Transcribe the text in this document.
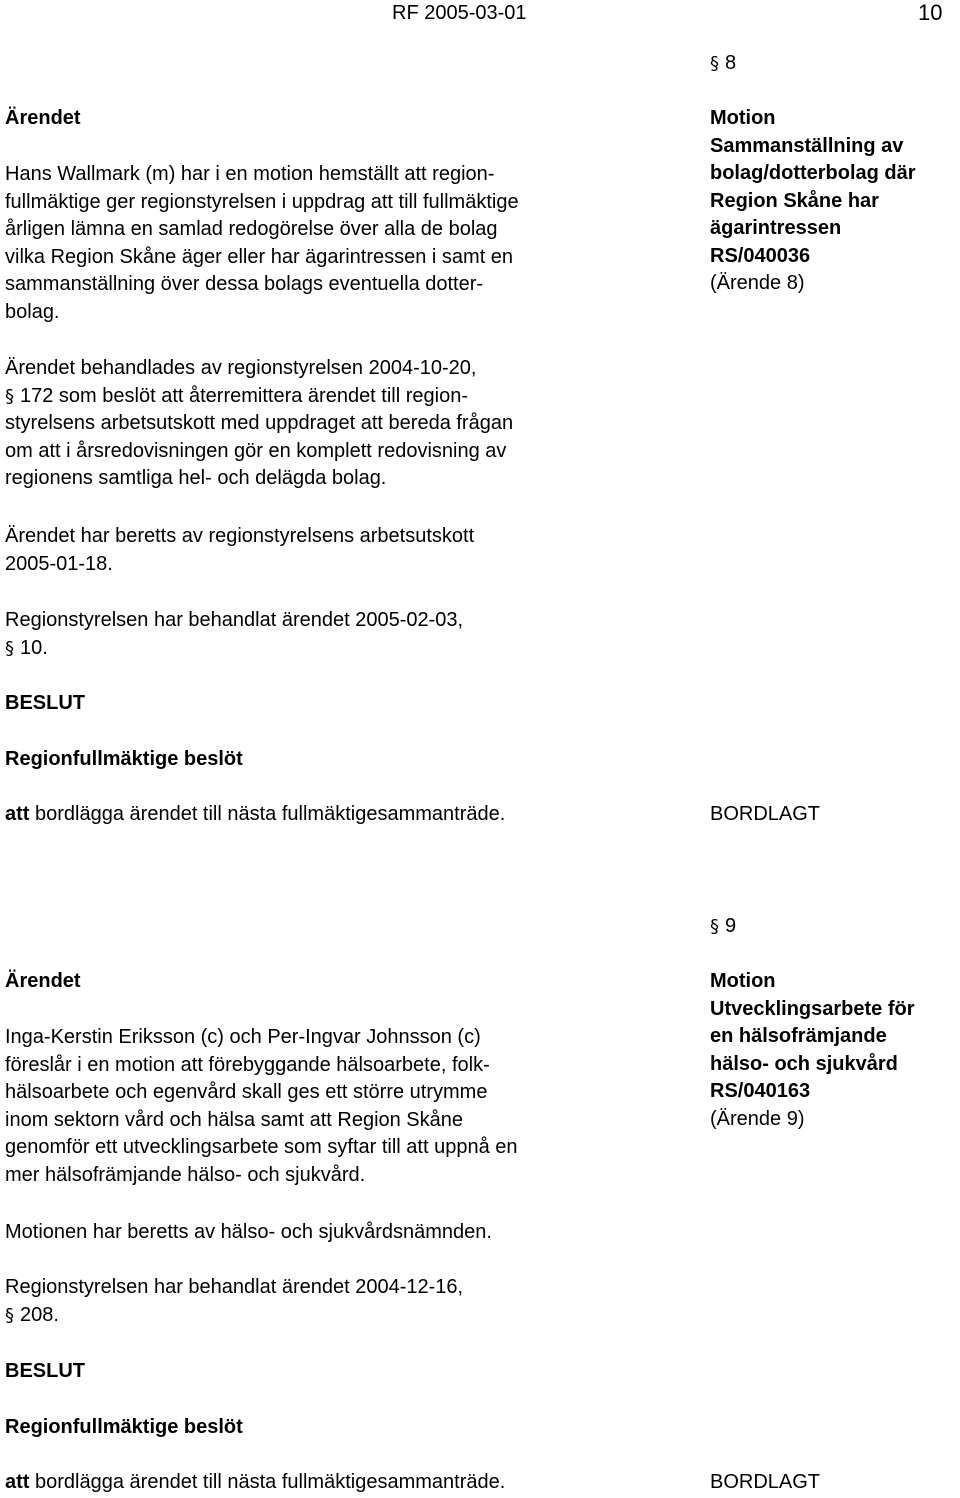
RF 2005-03-01	10
§ 8
Ärendet

Hans Wallmark (m) har i en motion hemställt att region-

fullmäktige ger regionstyrelsen i uppdrag att till fullmäktige

årligen lämna en samlad redogörelse över alla de bolag

vilka Region Skåne äger eller har ägarintressen i samt en

sammanställning över dessa bolags eventuella dotter-

bolag.

Ärendet behandlades av regionstyrelsen 2004-10-20,

§ 172 som beslöt att återremittera ärendet till region-

styrelsens arbetsutskott med uppdraget att bereda frågan

om att i årsredovisningen gör en komplett redovisning av

regionens samtliga hel- och delägda bolag.

Ärendet har beretts av regionstyrelsens arbetsutskott

2005-01-18.

Regionstyrelsen har behandlat ärendet 2005-02-03,

§ 10.

BESLUT
Regionfullmäktige beslöt
att bordlägga ärendet till nästa fullmäktigesammanträde.	BORDLAGT

Motion

Sammanställning av

bolag/dotterbolag där

Region Skåne har

ägarintressen

RS/040036

(Ärende 8)

§ 9
Ärendet

Inga-Kerstin Eriksson (c) och Per-Ingvar Johnsson (c)

föreslår i en motion att förebyggande hälsoarbete, folk-

hälsoarbete och egenvård skall ges ett större utrymme

inom sektorn vård och hälsa samt att Region Skåne

genomför ett utvecklingsarbete som syftar till att uppnå en

mer hälsofrämjande hälso- och sjukvård.

Motionen har beretts av hälso- och sjukvårdsnämnden.

Regionstyrelsen har behandlat ärendet 2004-12-16,

§ 208.

BESLUT
Regionfullmäktige beslöt
att bordlägga ärendet till nästa fullmäktigesammanträde.	BORDLAGT

Motion

Utvecklingsarbete för

en hälsofrämjande

hälso- och sjukvård

RS/040163

(Ärende 9)
